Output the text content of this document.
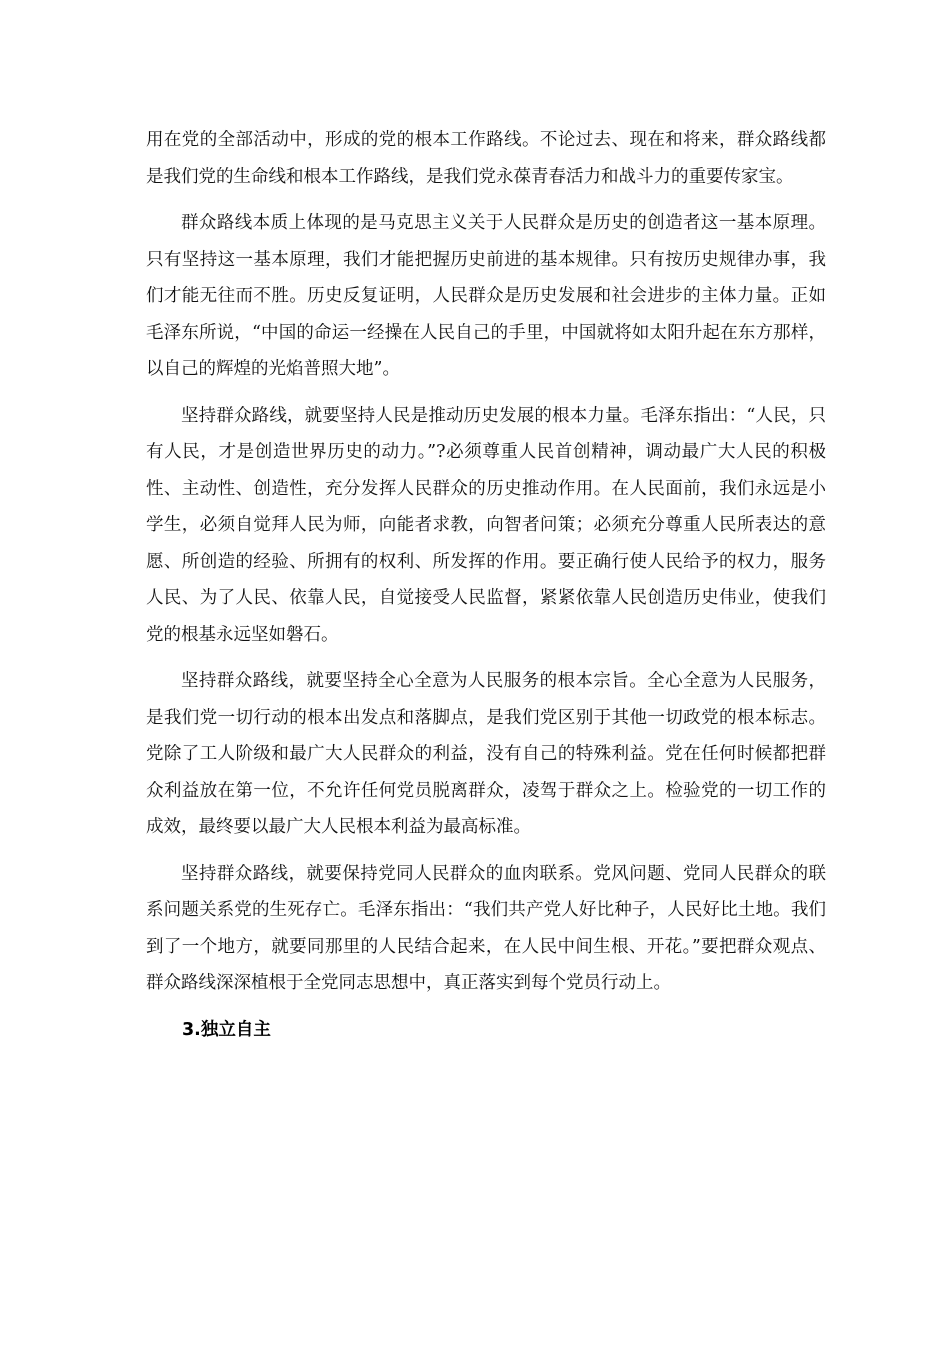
用在党的全部活动中，形成的党的根本工作路线。不论过去、现在和将来，群众路线都是我们党的生命线和根本工作路线，是我们党永葆青春活力和战斗力的重要传家宝。

群众路线本质上体现的是马克思主义关于人民群众是历史的创造者这一基本原理。只有坚持这一基本原理，我们才能把握历史前进的基本规律。只有按历史规律办事，我们才能无往而不胜。历史反复证明，人民群众是历史发展和社会进步的主体力量。正如毛泽东所说，“中国的命运一经操在人民自己的手里，中国就将如太阳升起在东方那样，以自己的辉煌的光焰普照大地”。

坚持群众路线，就要坚持人民是推动历史发展的根本力量。毛泽东指出：“人民，只有人民，才是创造世界历史的动力。”?必须尊重人民首创精神，调动最广大人民的积极性、主动性、创造性，充分发挥人民群众的历史推动作用。在人民面前，我们永远是小学生，必须自觉拜人民为师，向能者求教，向智者问策；必须充分尊重人民所表达的意愿、所创造的经验、所拥有的权利、所发挥的作用。要正确行使人民给予的权力，服务人民、为了人民、依靠人民，自觉接受人民监督，紧紧依靠人民创造历史伟业，使我们党的根基永远坚如磐石。

坚持群众路线，就要坚持全心全意为人民服务的根本宗旨。全心全意为人民服务，是我们党一切行动的根本出发点和落脚点，是我们党区别于其他一切政党的根本标志。党除了工人阶级和最广大人民群众的利益，没有自己的特殊利益。党在任何时候都把群众利益放在第一位，不允许任何党员脱离群众，凌驾于群众之上。检验党的一切工作的成效，最终要以最广大人民根本利益为最高标准。

坚持群众路线，就要保持党同人民群众的血肉联系。党风问题、党同人民群众的联系问题关系党的生死存亡。毛泽东指出：“我们共产党人好比种子，人民好比土地。我们到了一个地方，就要同那里的人民结合起来，在人民中间生根、开花。”要把群众观点、群众路线深深植根于全党同志思想中，真正落实到每个党员行动上。

3.独立自主
